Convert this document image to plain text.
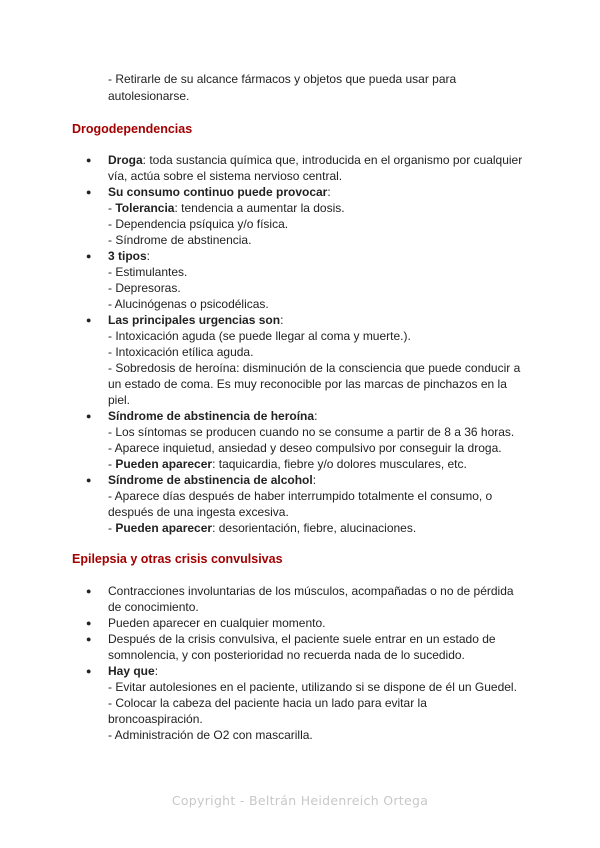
- Retirarle de su alcance fármacos y objetos que pueda usar para
autolesionarse.
Drogodependencias
● Droga: toda sustancia química que, introducida en el organismo por cualquier
vía, actúa sobre el sistema nervioso central.
● Su consumo continuo puede provocar:
- Tolerancia: tendencia a aumentar la dosis.
- Dependencia psíquica y/o física.
- Síndrome de abstinencia.
● 3 tipos:
- Estimulantes.
- Depresoras.
- Alucinógenas o psicodélicas.
● Las principales urgencias son:
- Intoxicación aguda (se puede llegar al coma y muerte.).
- Intoxicación etílica aguda.
- Sobredosis de heroína: disminución de la consciencia que puede conducir a
un estado de coma. Es muy reconocible por las marcas de pinchazos en la
piel.
● Síndrome de abstinencia de heroína:
- Los síntomas se producen cuando no se consume a partir de 8 a 36 horas.
- Aparece inquietud, ansiedad y deseo compulsivo por conseguir la droga.
- Pueden aparecer: taquicardia, fiebre y/o dolores musculares, etc.
● Síndrome de abstinencia de alcohol:
- Aparece días después de haber interrumpido totalmente el consumo, o
después de una ingesta excesiva.
- Pueden aparecer: desorientación, fiebre, alucinaciones.
Epilepsia y otras crisis convulsivas
● Contracciones involuntarias de los músculos, acompañadas o no de pérdida
de conocimiento.
● Pueden aparecer en cualquier momento.
● Después de la crisis convulsiva, el paciente suele entrar en un estado de
somnolencia, y con posterioridad no recuerda nada de lo sucedido.
● Hay que:
- Evitar autolesiones en el paciente, utilizando si se dispone de él un Guedel.
- Colocar la cabeza del paciente hacia un lado para evitar la
broncoaspiración.
- Administración de O2 con mascarilla.
Copyright - Beltrán Heidenreich Ortega
